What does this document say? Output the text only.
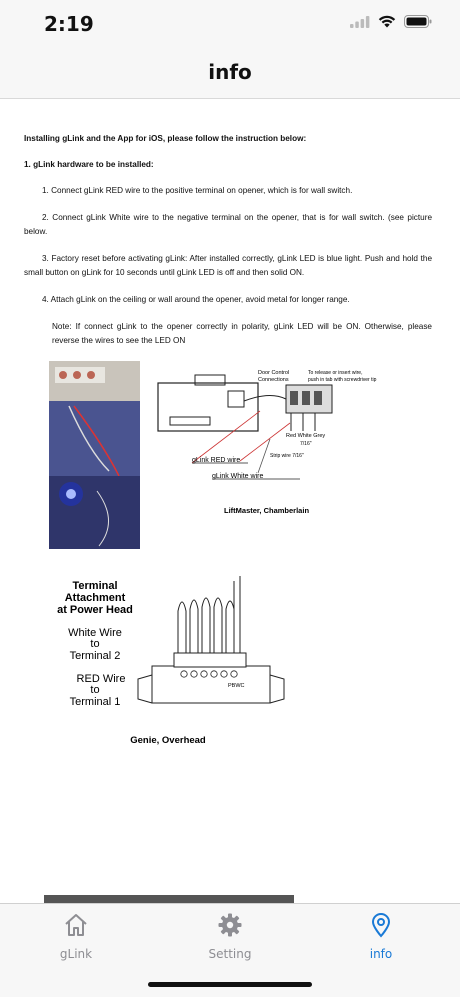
2:19
info

Installing gLink and the App for iOS, please follow the instruction below:

1. gLink hardware to be installed:

1. Connect gLink RED wire to the positive terminal on opener, which is for wall switch.

2. Connect gLink White wire to the negative terminal on the opener, that is for wall switch. (see picture below.

3. Factory reset before activating gLink: After installed correctly, gLink LED is blue light. Push and hold the small button on gLink for 10 seconds until gLink LED is off and then solid ON.

4. Attach gLink on the ceiling or wall around the opener, avoid metal for longer range.

Note: If connect gLink to the opener correctly in polarity, gLink LED will be ON. Otherwise, please reverse the wires to see the LED ON

Door Control
Connections
To release or insert wire,
push in tab with screwdriver tip
Red White Grey
7/16"
Strip wire 7/16"
gLink RED wire
gLink White wire
LiftMaster, Chamberlain
Terminal
Attachment
at Power Head
White Wire
to
Terminal 2
RED Wire
to
Terminal 1
PBWC
Genie, Overhead
gLink	Setting	info
